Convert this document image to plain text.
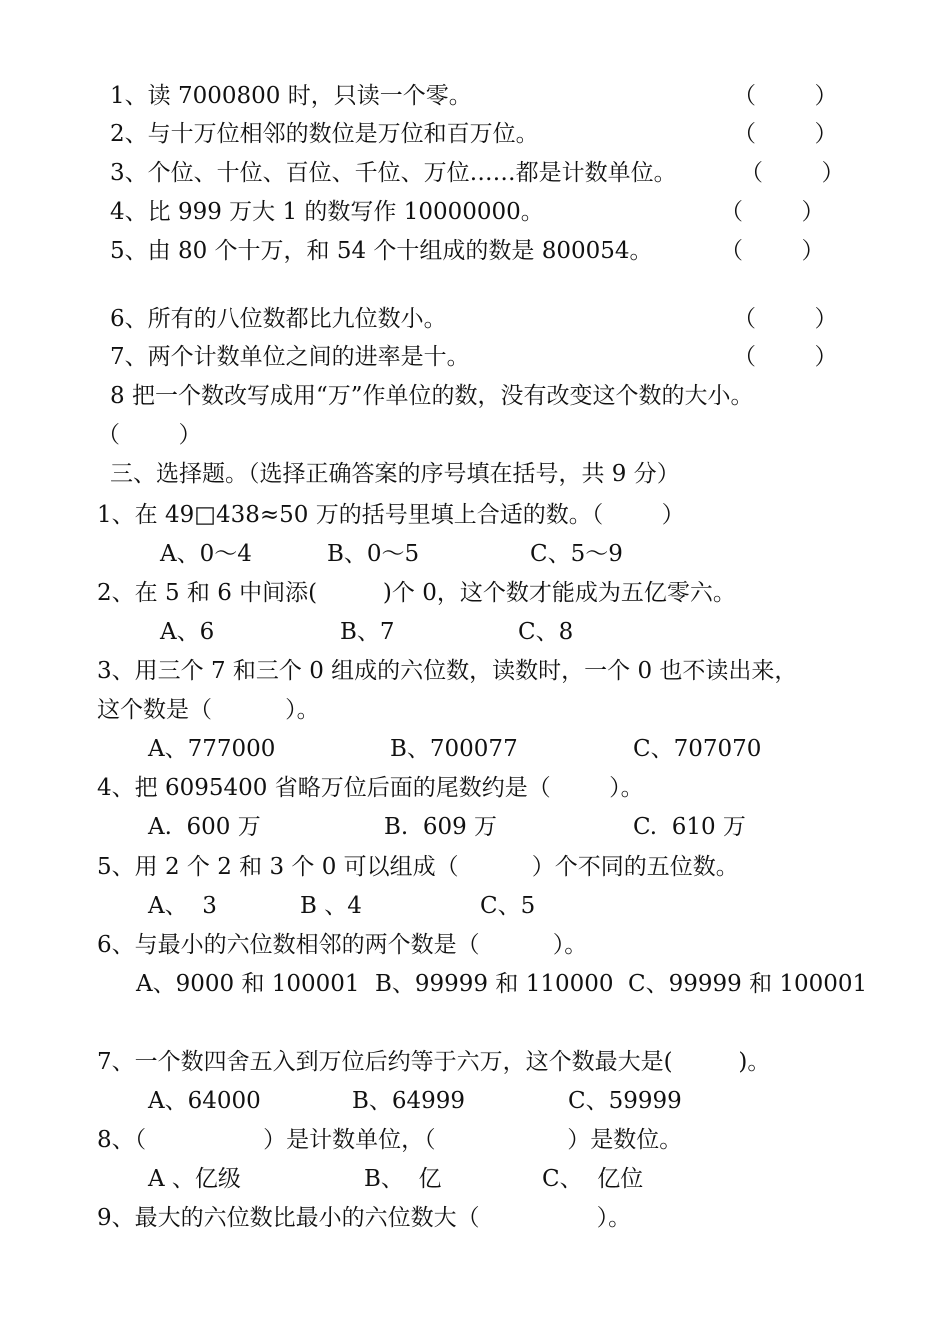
1、读 7000800 时，只读一个零。	（        ）
2、与十万位相邻的数位是万位和百万位。	（        ）
3、个位、十位、百位、千位、万位……都是计数单位。	（        ）
4、比 999 万大 1 的数写作 10000000。	（        ）
5、由 80 个十万，和 54 个十组成的数是 800054。	（        ）
6、所有的八位数都比九位数小。	（        ）
7、两个计数单位之间的进率是十。	（        ）
8 把一个数改写成用“万”作单位的数，没有改变这个数的大小。
（        ）
三、选择题。（选择正确答案的序号填在括号，共 9 分）
1、在 49□438≈50 万的括号里填上合适的数。（        ）
A、0～4	B、0～5	C、5～9
2、在 5 和 6 中间添(         )个 0，这个数才能成为五亿零六。
A、6	B、7	C、8
3、用三个 7 和三个 0 组成的六位数，读数时，一个 0 也不读出来，
这个数是（          ）。
A、777000	B、700077	C、707070
4、把 6095400 省略万位后面的尾数约是（        ）。
A.  600 万	B.  609 万	C.  610 万
5、用 2 个 2 和 3 个 0 可以组成（          ）个不同的五位数。
A、  3	B 、4	C、5
6、与最小的六位数相邻的两个数是（          ）。
A、9000 和 100001 B、99999 和 110000 C、99999 和 100001
7、一个数四舍五入到万位后约等于六万，这个数最大是(         )。
A、64000	B、64999	C、59999
8、（                ）是计数单位，（                  ）是数位。
A 、亿级	B、  亿	C、  亿位
9、最大的六位数比最小的六位数大（                ）。
